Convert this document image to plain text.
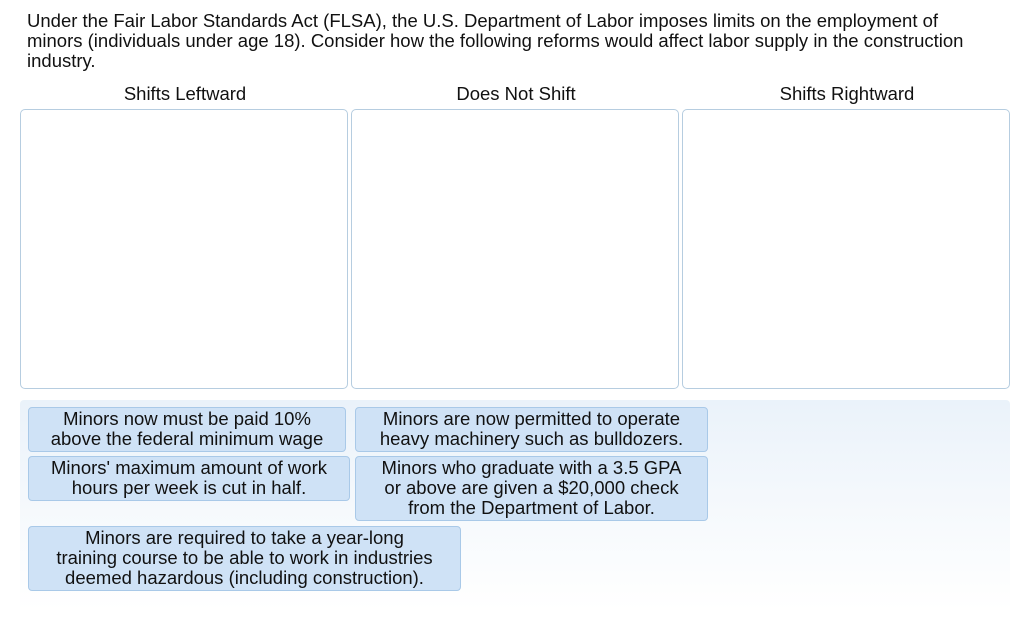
Under the Fair Labor Standards Act (FLSA), the U.S. Department of Labor imposes limits on the employment of minors (individuals under age 18). Consider how the following reforms would affect labor supply in the construction industry.

Shifts Leftward	Does Not Shift	Shifts Rightward
Minors now must be paid 10%
above the federal minimum wage
Minors are now permitted to operate
heavy machinery such as bulldozers.
Minors' maximum amount of work
hours per week is cut in half.
Minors who graduate with a 3.5 GPA
or above are given a $20,000 check
from the Department of Labor.
Minors are required to take a year-long
training course to be able to work in industries
deemed hazardous (including construction).
